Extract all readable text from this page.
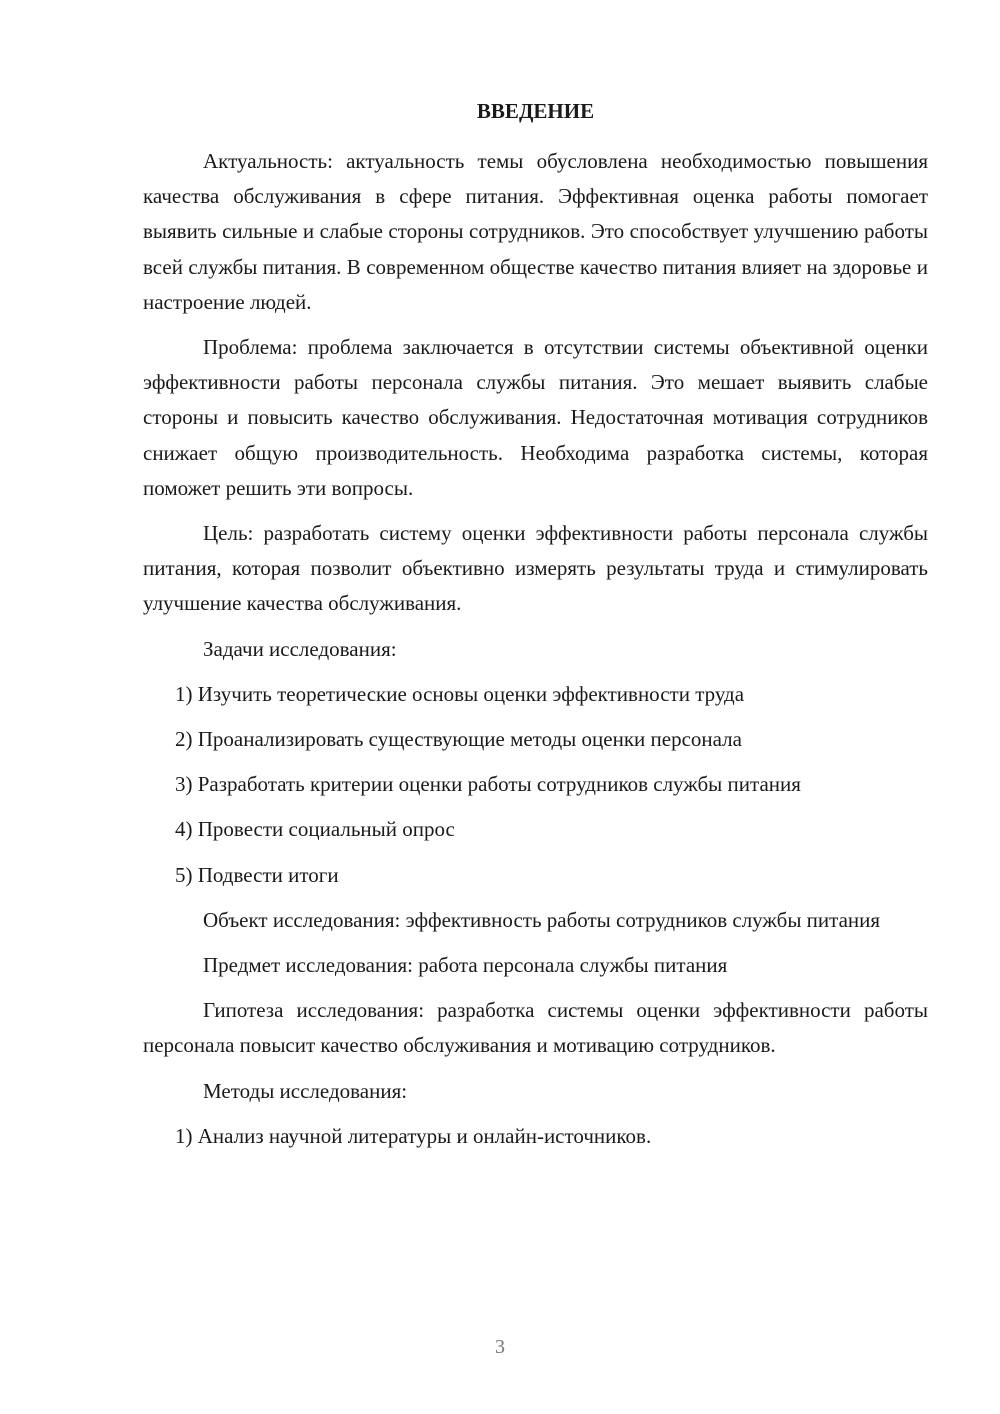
ВВЕДЕНИЕ

Актуальность: актуальность темы обусловлена необходимостью повышения качества обслуживания в сфере питания. Эффективная оценка работы помогает выявить сильные и слабые стороны сотрудников. Это способствует улучшению работы всей службы питания. В современном обществе качество питания влияет на здоровье и настроение людей.

Проблема: проблема заключается в отсутствии системы объективной оценки эффективности работы персонала службы питания. Это мешает выявить слабые стороны и повысить качество обслуживания. Недостаточная мотивация сотрудников снижает общую производительность. Необходима разработка системы, которая поможет решить эти вопросы.

Цель: разработать систему оценки эффективности работы персонала службы питания, которая позволит объективно измерять результаты труда и стимулировать улучшение качества обслуживания.

Задачи исследования:

1) Изучить теоретические основы оценки эффективности труда
2) Проанализировать существующие методы оценки персонала
3) Разработать критерии оценки работы сотрудников службы питания
4) Провести социальный опрос
5) Подвести итоги

Объект исследования: эффективность работы сотрудников службы питания

Предмет исследования: работа персонала службы питания

Гипотеза исследования: разработка системы оценки эффективности работы персонала повысит качество обслуживания и мотивацию сотрудников.

Методы исследования:

1) Анализ научной литературы и онлайн-источников.
3
